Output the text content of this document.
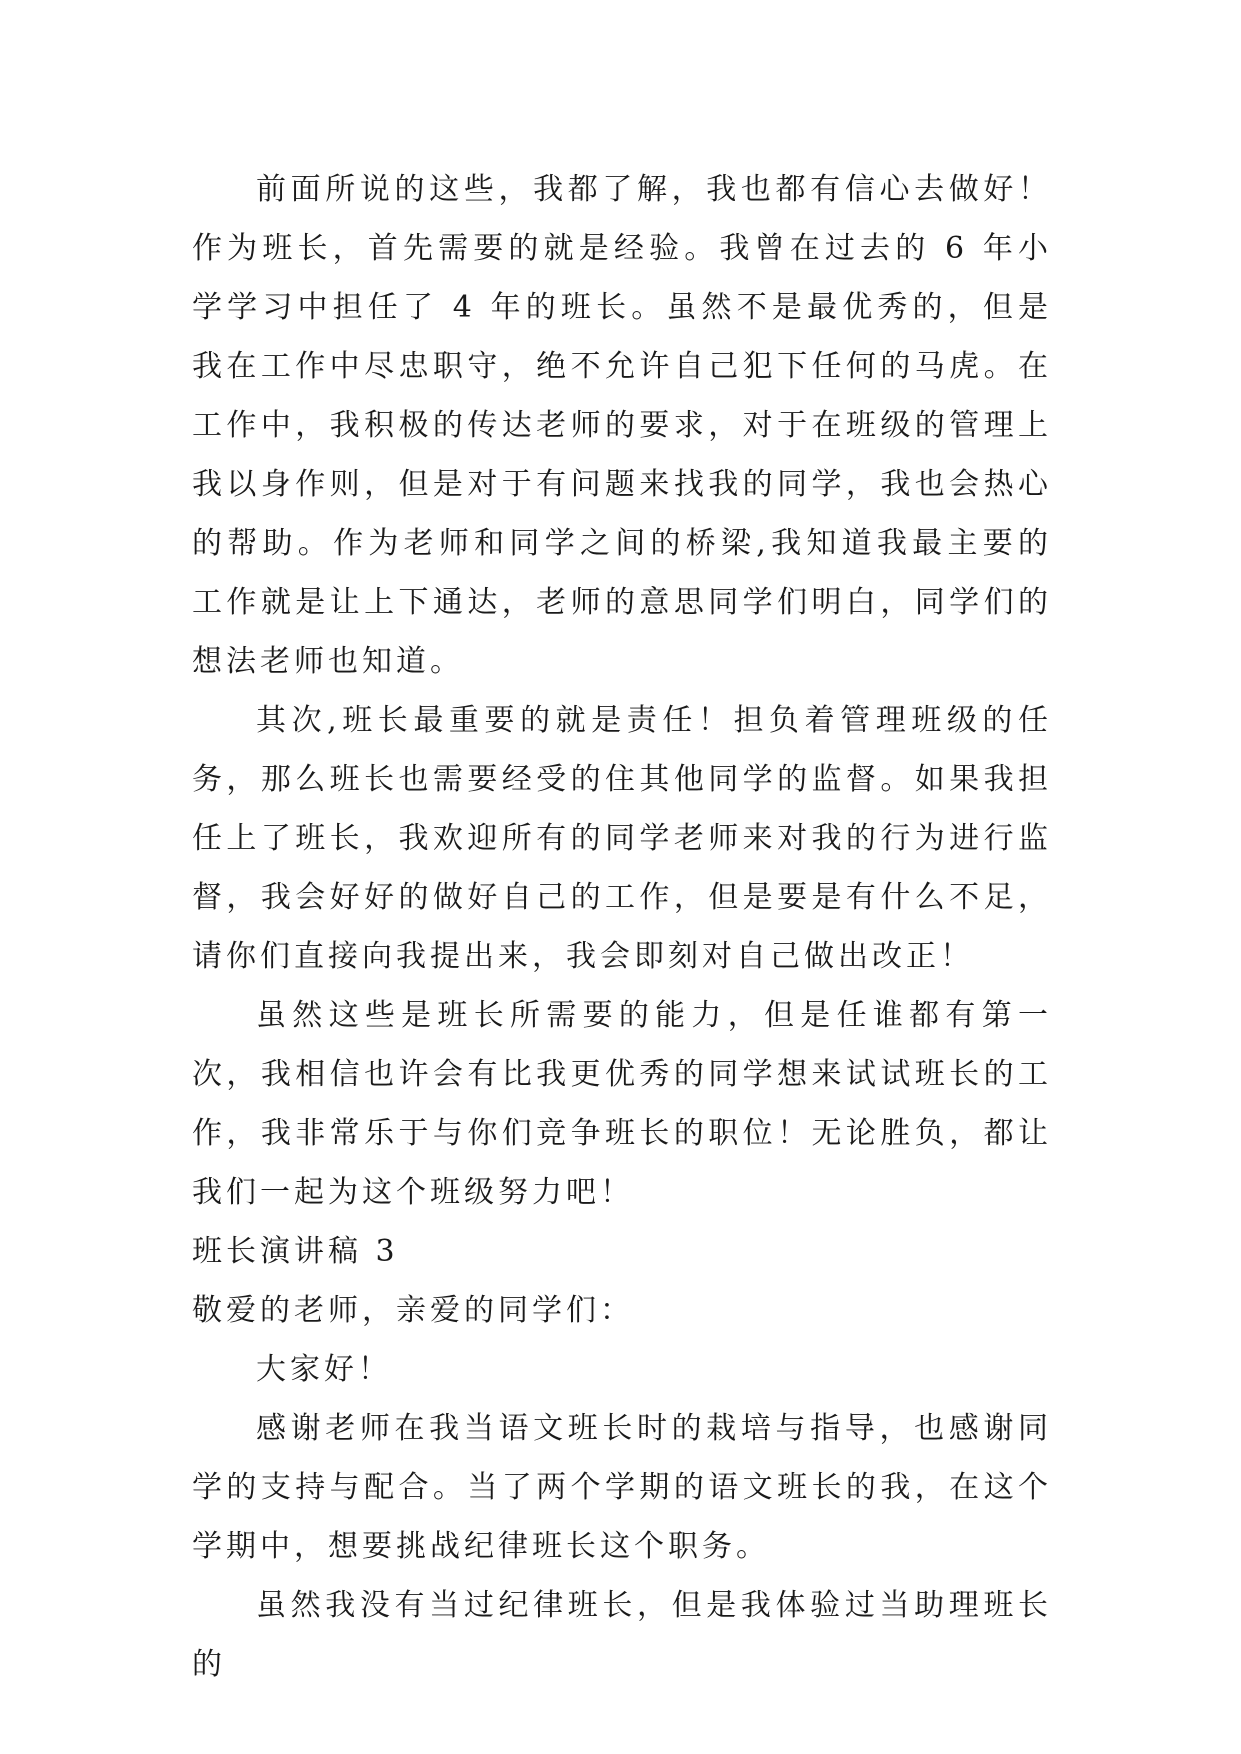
前面所说的这些，我都了解，我也都有信心去做好！作为班长，首先需要的就是经验。我曾在过去的 6 年小学学习中担任了 4 年的班长。虽然不是最优秀的，但是我在工作中尽忠职守，绝不允许自己犯下任何的马虎。在工作中，我积极的传达老师的要求，对于在班级的管理上我以身作则，但是对于有问题来找我的同学，我也会热心的帮助。作为老师和同学之间的桥梁,我知道我最主要的工作就是让上下通达，老师的意思同学们明白，同学们的想法老师也知道。

其次,班长最重要的就是责任！担负着管理班级的任务，那么班长也需要经受的住其他同学的监督。如果我担任上了班长，我欢迎所有的同学老师来对我的行为进行监督，我会好好的做好自己的工作，但是要是有什么不足，请你们直接向我提出来，我会即刻对自己做出改正！

虽然这些是班长所需要的能力，但是任谁都有第一次，我相信也许会有比我更优秀的同学想来试试班长的工作，我非常乐于与你们竞争班长的职位！无论胜负，都让我们一起为这个班级努力吧！

班长演讲稿 3

敬爱的老师，亲爱的同学们：

大家好！

感谢老师在我当语文班长时的栽培与指导，也感谢同学的支持与配合。当了两个学期的语文班长的我，在这个学期中，想要挑战纪律班长这个职务。

虽然我没有当过纪律班长，但是我体验过当助理班长的
